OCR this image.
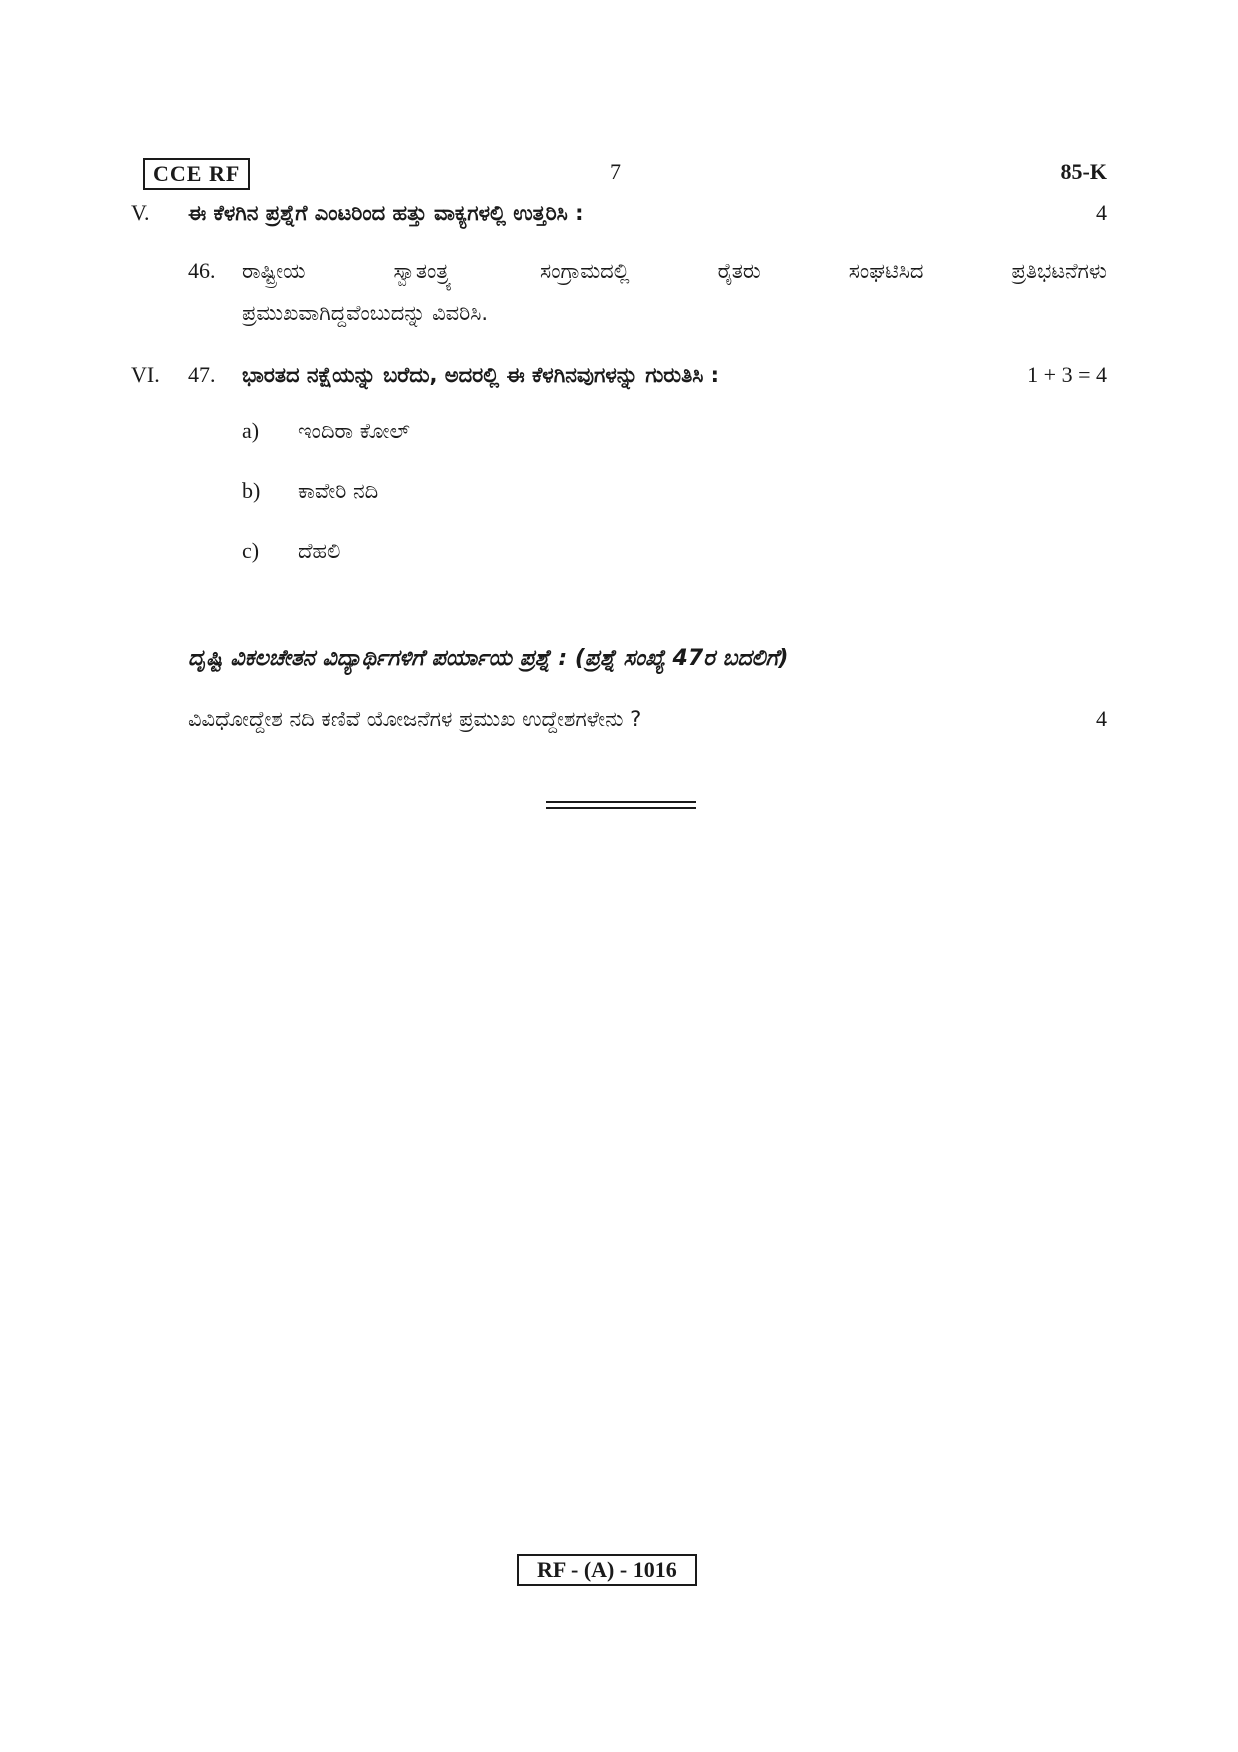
CCE RF	7	85-K
V. ಈ ಕೆಳಗಿನ ಪ್ರಶ್ನೆಗೆ ಎಂಟರಿಂದ ಹತ್ತು ವಾಕ್ಯಗಳಲ್ಲಿ ಉತ್ತರಿಸಿ :	4
46. ರಾಷ್ಟ್ರೀಯ ಸ್ವಾತಂತ್ರ್ಯ ಸಂಗ್ರಾಮದಲ್ಲಿ ರೈತರು ಸಂಘಟಿಸಿದ ಪ್ರತಿಭಟನೆಗಳು
ಪ್ರಮುಖವಾಗಿದ್ದವೆಂಬುದನ್ನು ವಿವರಿಸಿ.
VI. 47. ಭಾರತದ ನಕ್ಷೆಯನ್ನು ಬರೆದು, ಅದರಲ್ಲಿ ಈ ಕೆಳಗಿನವುಗಳನ್ನು ಗುರುತಿಸಿ :	1 + 3 = 4
a) ಇಂದಿರಾ ಕೋಲ್
b) ಕಾವೇರಿ ನದಿ
c) ದೆಹಲಿ
ದೃಷ್ಟಿ ವಿಕಲಚೇತನ ವಿದ್ಯಾರ್ಥಿಗಳಿಗೆ ಪರ್ಯಾಯ ಪ್ರಶ್ನೆ : (ಪ್ರಶ್ನೆ ಸಂಖ್ಯೆ 47ರ ಬದಲಿಗೆ)
ವಿವಿಧೋದ್ದೇಶ ನದಿ ಕಣಿವೆ ಯೋಜನೆಗಳ ಪ್ರಮುಖ ಉದ್ದೇಶಗಳೇನು ?	4
RF - (A) - 1016
